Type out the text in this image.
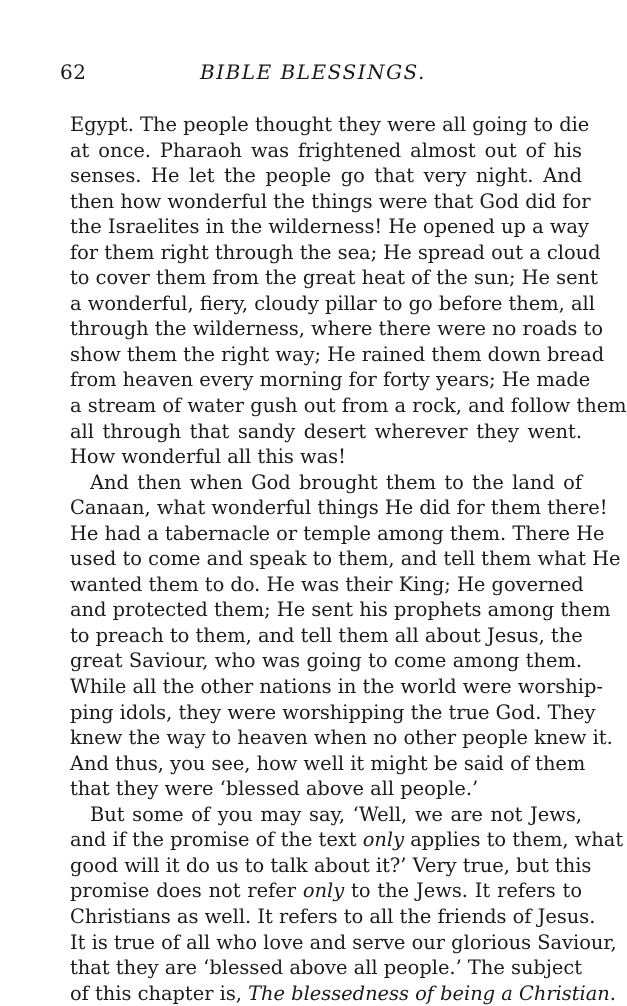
62	BIBLE BLESSINGS.
Egypt. The people thought they were all going to die
at once. Pharaoh was frightened almost out of his
senses. He let the people go that very night. And
then how wonderful the things were that God did for
the Israelites in the wilderness! He opened up a way
for them right through the sea; He spread out a cloud
to cover them from the great heat of the sun; He sent
a wonderful, fiery, cloudy pillar to go before them, all
through the wilderness, where there were no roads to
show them the right way; He rained them down bread
from heaven every morning for forty years; He made
a stream of water gush out from a rock, and follow them
all through that sandy desert wherever they went.
How wonderful all this was!
And then when God brought them to the land of
Canaan, what wonderful things He did for them there!
He had a tabernacle or temple among them. There He
used to come and speak to them, and tell them what He
wanted them to do. He was their King; He governed
and protected them; He sent his prophets among them
to preach to them, and tell them all about Jesus, the
great Saviour, who was going to come among them.
While all the other nations in the world were worship-
ping idols, they were worshipping the true God. They
knew the way to heaven when no other people knew it.
And thus, you see, how well it might be said of them
that they were ‘blessed above all people.’
But some of you may say, ‘Well, we are not Jews,
and if the promise of the text only applies to them, what
good will it do us to talk about it?’ Very true, but this
promise does not refer only to the Jews. It refers to
Christians as well. It refers to all the friends of Jesus.
It is true of all who love and serve our glorious Saviour,
that they are ‘blessed above all people.’ The subject
of this chapter is, The blessedness of being a Christian.
